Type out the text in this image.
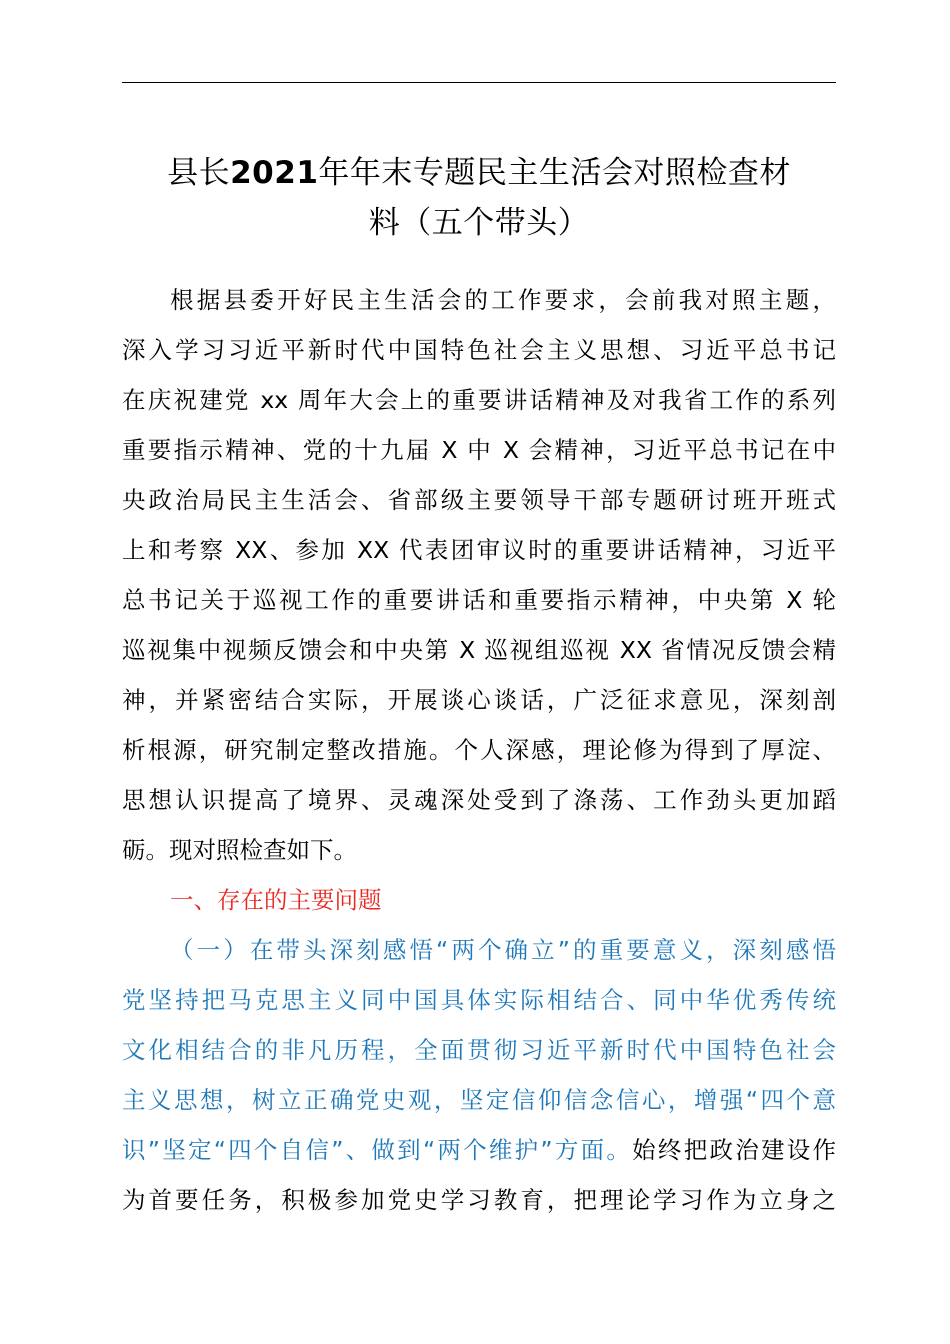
县长2021年年末专题民主生活会对照检查材
料（五个带头）

根据县委开好民主生活会的工作要求，会前我对照主题，

深入学习习近平新时代中国特色社会主义思想、习近平总书记

在庆祝建党 xx 周年大会上的重要讲话精神及对我省工作的系列

重要指示精神、党的十九届 X 中 X 会精神，习近平总书记在中

央政治局民主生活会、省部级主要领导干部专题研讨班开班式

上和考察 XX、参加 XX 代表团审议时的重要讲话精神，习近平

总书记关于巡视工作的重要讲话和重要指示精神，中央第 X 轮

巡视集中视频反馈会和中央第 X 巡视组巡视 XX 省情况反馈会精

神，并紧密结合实际，开展谈心谈话，广泛征求意见，深刻剖

析根源，研究制定整改措施。个人深感，理论修为得到了厚淀、

思想认识提高了境界、灵魂深处受到了涤荡、工作劲头更加蹈

砺。现对照检查如下。

一、存在的主要问题

（一）在带头深刻感悟“两个确立”的重要意义，深刻感悟

党坚持把马克思主义同中国具体实际相结合、同中华优秀传统

文化相结合的非凡历程，全面贯彻习近平新时代中国特色社会

主义思想，树立正确党史观，坚定信仰信念信心，增强“四个意

识”坚定“四个自信”、做到“两个维护”方面。始终把政治建设作

为首要任务，积极参加党史学习教育，把理论学习作为立身之
